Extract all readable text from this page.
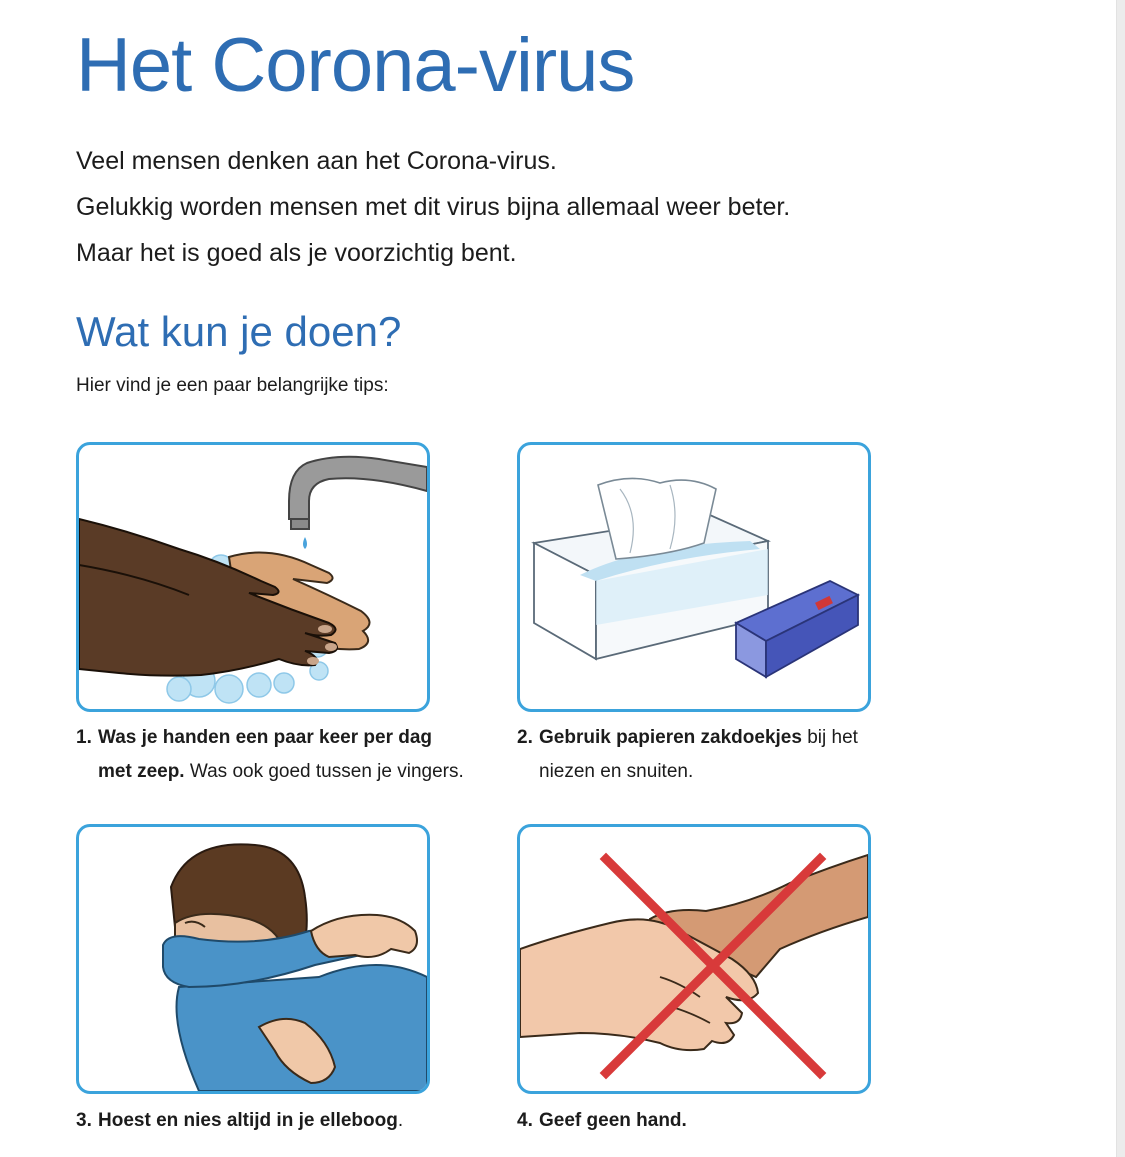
Het Corona-virus

Veel mensen denken aan het Corona-virus.

Gelukkig worden mensen met dit virus bijna allemaal weer beter.

Maar het is goed als je voorzichtig bent.

Wat kun je doen?

Hier vind je een paar belangrijke tips:

1. Was je handen een paar keer per dag
met zeep. Was ook goed tussen je vingers.
2. Gebruik papieren zakdoekjes bij het
niezen en snuiten.
3. Hoest en nies altijd in je elleboog.	4. Geef geen hand.
